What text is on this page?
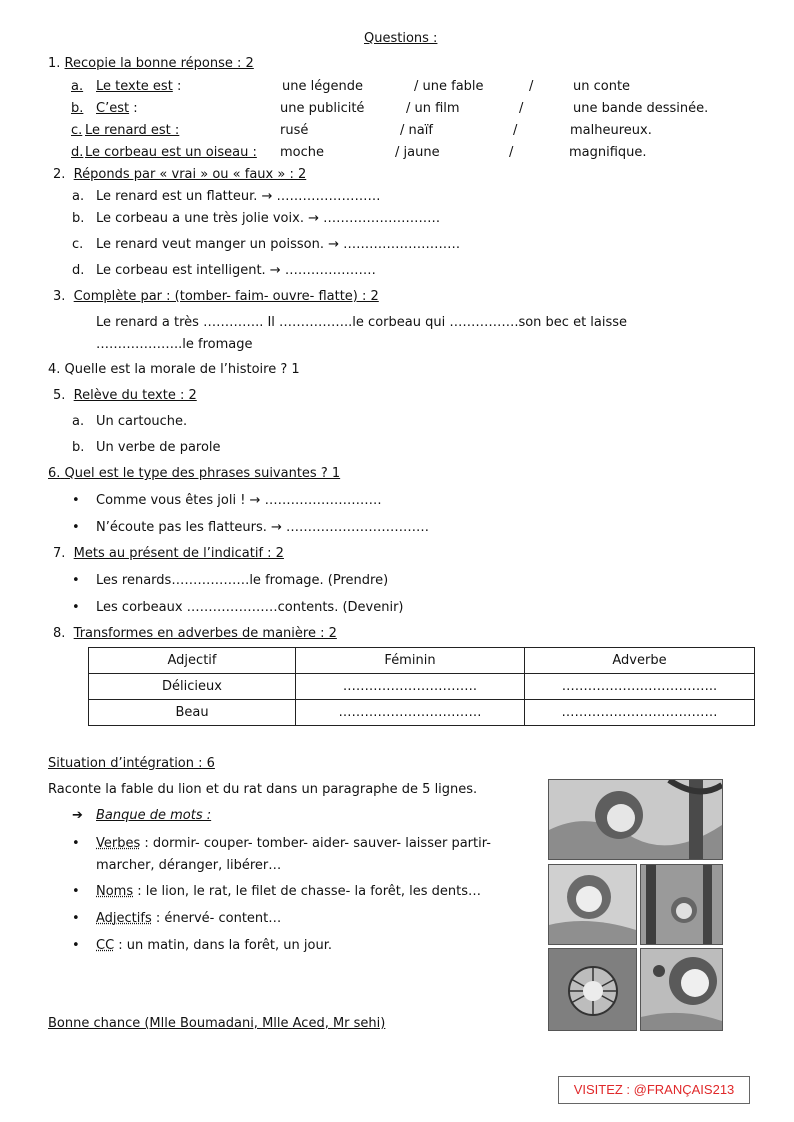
Questions :
1. Recopie la bonne réponse : 2
a. Le texte est :	une légende	/ une fable	/	un conte
b. C’est :	une publicité	/ un film	/	une bande dessinée.
c. Le renard est :	rusé	/ naïf	/	malheureux.
d. Le corbeau est un oiseau : moche	/ jaune	/	magnifique.
2. Réponds par « vrai » ou « faux » : 2
a. Le renard est un flatteur. → ……………………
b. Le corbeau a une très jolie voix. → ………………………
c. Le renard veut manger un poisson. → ………………………
d. Le corbeau est intelligent. → …………………
3. Complète par : (tomber- faim- ouvre- flatte) : 2
Le renard a très ………….. Il ……………..le corbeau qui …………….son bec et laisse
………………..le fromage
4. Quelle est la morale de l’histoire ? 1
5. Relève du texte : 2
a. Un cartouche.
b. Un verbe de parole
6. Quel est le type des phrases suivantes ? 1
• Comme vous êtes joli ! → ………………………
• N’écoute pas les flatteurs. → ……………………………
7. Mets au présent de l’indicatif : 2
• Les renards………………le fromage. (Prendre)
• Les corbeaux …………………contents. (Devenir)
8. Transformes en adverbes de manière : 2
Adjectif	Féminin	Adverbe
Délicieux	………………………….	……………….……………..
Beau	……………………………	………………………………
Situation d’intégration : 6
Raconte la fable du lion et du rat dans un paragraphe de 5 lignes.
➔ Banque de mots :
• Verbes : dormir- couper- tomber- aider- sauver- laisser partir-
marcher, déranger, libérer…
• Noms : le lion, le rat, le filet de chasse- la forêt, les dents…
• Adjectifs : énervé- content…
• CC : un matin, dans la forêt, un jour.
Bonne chance (Mlle Boumadani, Mlle Aced, Mr sehi)
VISITEZ : @FRANÇAIS213
